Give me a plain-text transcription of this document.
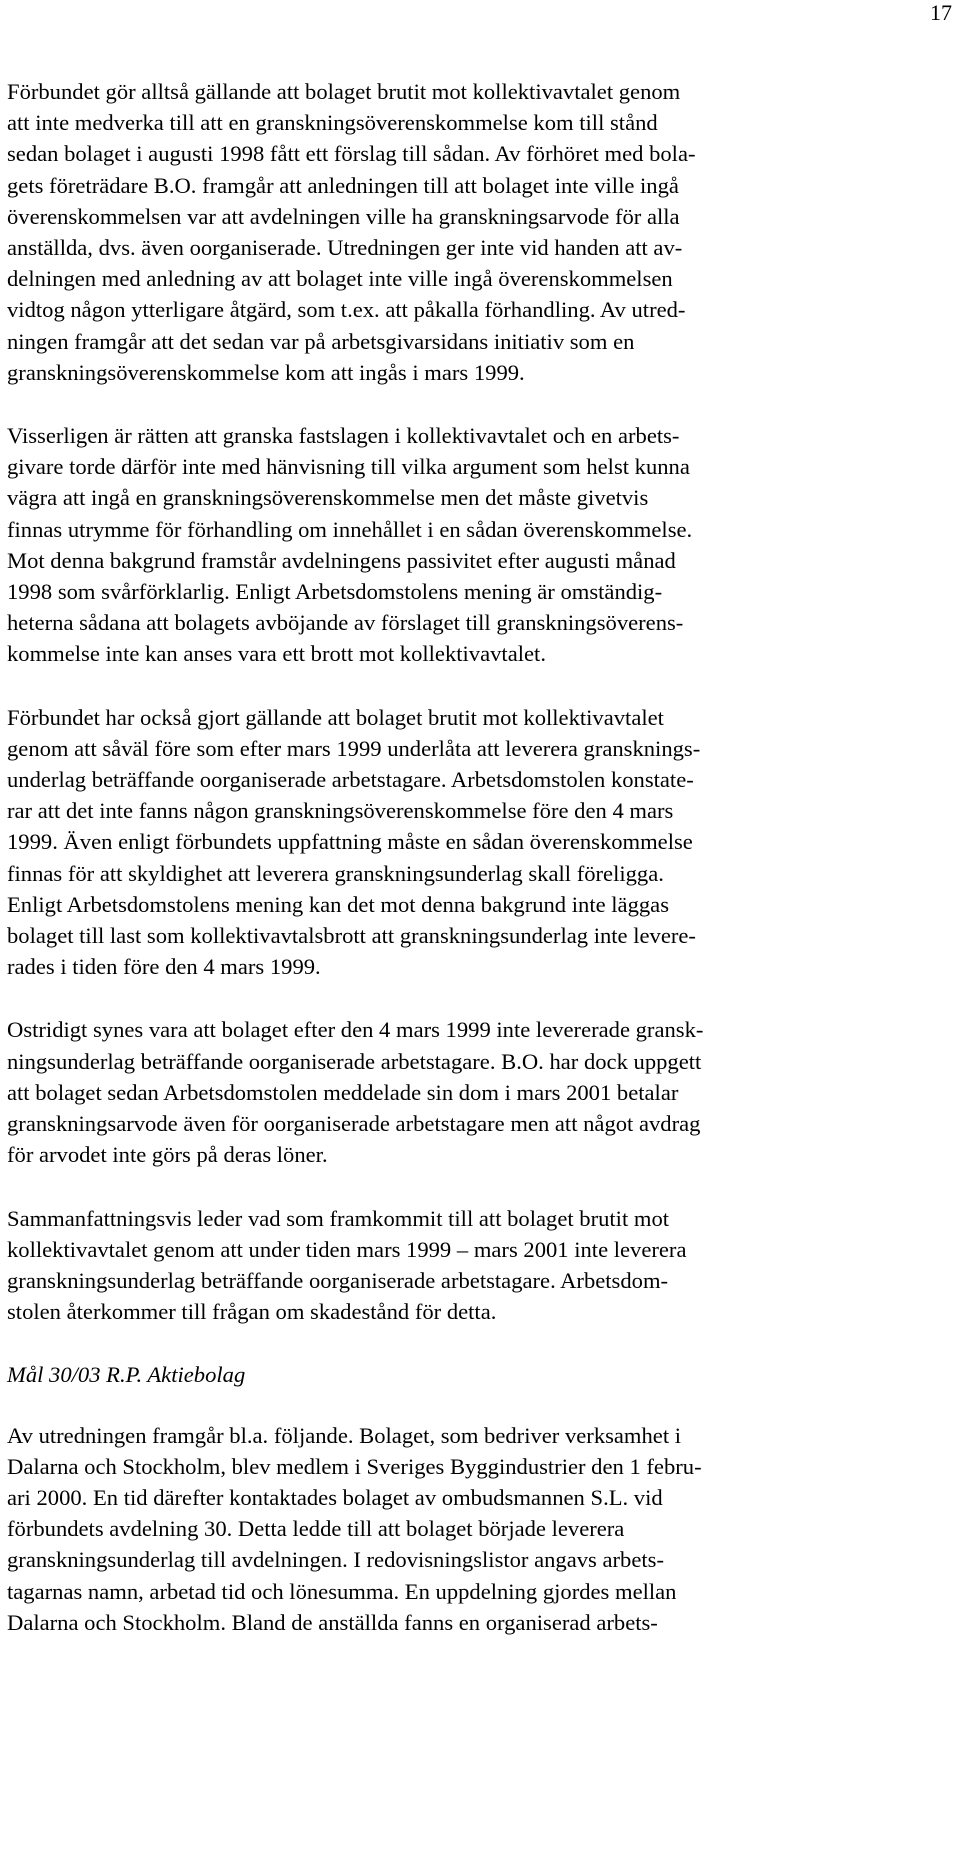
17

Förbundet gör alltså gällande att bolaget brutit mot kollektivavtalet genom
att inte medverka till att en granskningsöverenskommelse kom till stånd
sedan bolaget i augusti 1998 fått ett förslag till sådan. Av förhöret med bola-
gets företrädare B.O. framgår att anledningen till att bolaget inte ville ingå
överenskommelsen var att avdelningen ville ha granskningsarvode för alla
anställda, dvs. även oorganiserade. Utredningen ger inte vid handen att av-
delningen med anledning av att bolaget inte ville ingå överenskommelsen
vidtog någon ytterligare åtgärd, som t.ex. att påkalla förhandling. Av utred-
ningen framgår att det sedan var på arbetsgivarsidans initiativ som en
granskningsöverenskommelse kom att ingås i mars 1999.

Visserligen är rätten att granska fastslagen i kollektivavtalet och en arbets-
givare torde därför inte med hänvisning till vilka argument som helst kunna
vägra att ingå en granskningsöverenskommelse men det måste givetvis
finnas utrymme för förhandling om innehållet i en sådan överenskommelse.
Mot denna bakgrund framstår avdelningens passivitet efter augusti månad
1998 som svårförklarlig. Enligt Arbetsdomstolens mening är omständig-
heterna sådana att bolagets avböjande av förslaget till granskningsöverens-
kommelse inte kan anses vara ett brott mot kollektivavtalet.

Förbundet har också gjort gällande att bolaget brutit mot kollektivavtalet
genom att såväl före som efter mars 1999 underlåta att leverera gransknings-
underlag beträffande oorganiserade arbetstagare. Arbetsdomstolen konstate-
rar att det inte fanns någon granskningsöverenskommelse före den 4 mars
1999. Även enligt förbundets uppfattning måste en sådan överenskommelse
finnas för att skyldighet att leverera granskningsunderlag skall föreligga.
Enligt Arbetsdomstolens mening kan det mot denna bakgrund inte läggas
bolaget till last som kollektivavtalsbrott att granskningsunderlag inte levere-
rades i tiden före den 4 mars 1999.

Ostridigt synes vara att bolaget efter den 4 mars 1999 inte levererade gransk-
ningsunderlag beträffande oorganiserade arbetstagare. B.O. har dock uppgett
att bolaget sedan Arbetsdomstolen meddelade sin dom i mars 2001 betalar
granskningsarvode även för oorganiserade arbetstagare men att något avdrag
för arvodet inte görs på deras löner.

Sammanfattningsvis leder vad som framkommit till att bolaget brutit mot
kollektivavtalet genom att under tiden mars 1999 – mars 2001 inte leverera
granskningsunderlag beträffande oorganiserade arbetstagare. Arbetsdom-
stolen återkommer till frågan om skadestånd för detta.

Mål 30/03 R.P. Aktiebolag

Av utredningen framgår bl.a. följande. Bolaget, som bedriver verksamhet i
Dalarna och Stockholm, blev medlem i Sveriges Byggindustrier den 1 febru-
ari 2000. En tid därefter kontaktades bolaget av ombudsmannen S.L. vid
förbundets avdelning 30. Detta ledde till att bolaget började leverera
granskningsunderlag till avdelningen. I redovisningslistor angavs arbets-
tagarnas namn, arbetad tid och lönesumma. En uppdelning gjordes mellan
Dalarna och Stockholm. Bland de anställda fanns en organiserad arbets-
